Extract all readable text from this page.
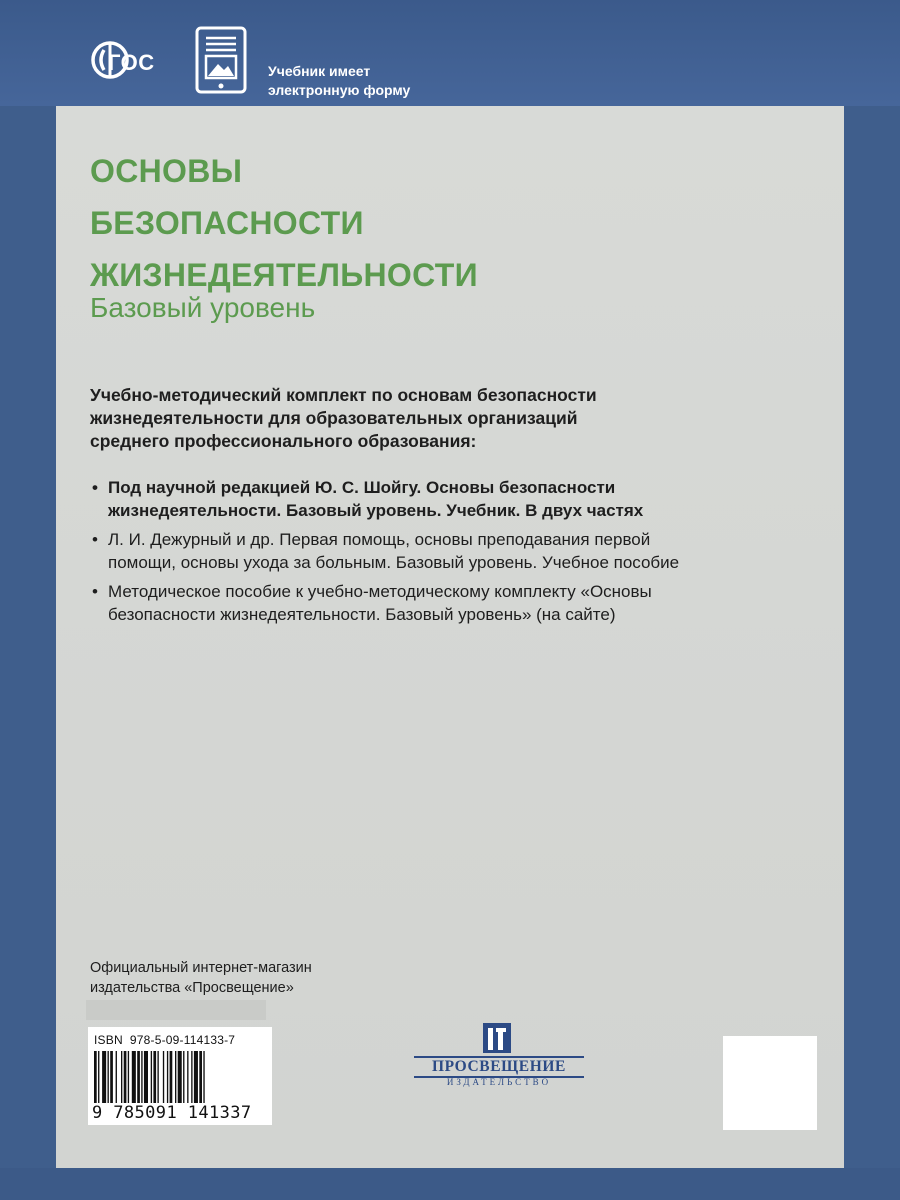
ГОС	Учебник имеет
электронную форму
ОСНОВЫ
БЕЗОПАСНОСТИ
ЖИЗНЕДЕЯТЕЛЬНОСТИ
Базовый уровень
Учебно-методический комплект по основам безопасности
жизнедеятельности для образовательных организаций
среднего профессионального образования:
• Под научной редакцией Ю. С. Шойгу. Основы безопасности
жизнедеятельности. Базовый уровень. Учебник. В двух частях
• Л. И. Дежурный и др. Первая помощь, основы преподавания первой
помощи, основы ухода за больным. Базовый уровень. Учебное пособие
• Методическое пособие к учебно-методическому комплекту «Основы
безопасности жизнедеятельности. Базовый уровень» (на сайте)
Официальный интернет-магазин
издательства «Просвещение»
ISBN 978-5-09-114133-7
9 785091 141337
ПРОСВЕЩЕНИЕ
ИЗДАТЕЛЬСТВО
